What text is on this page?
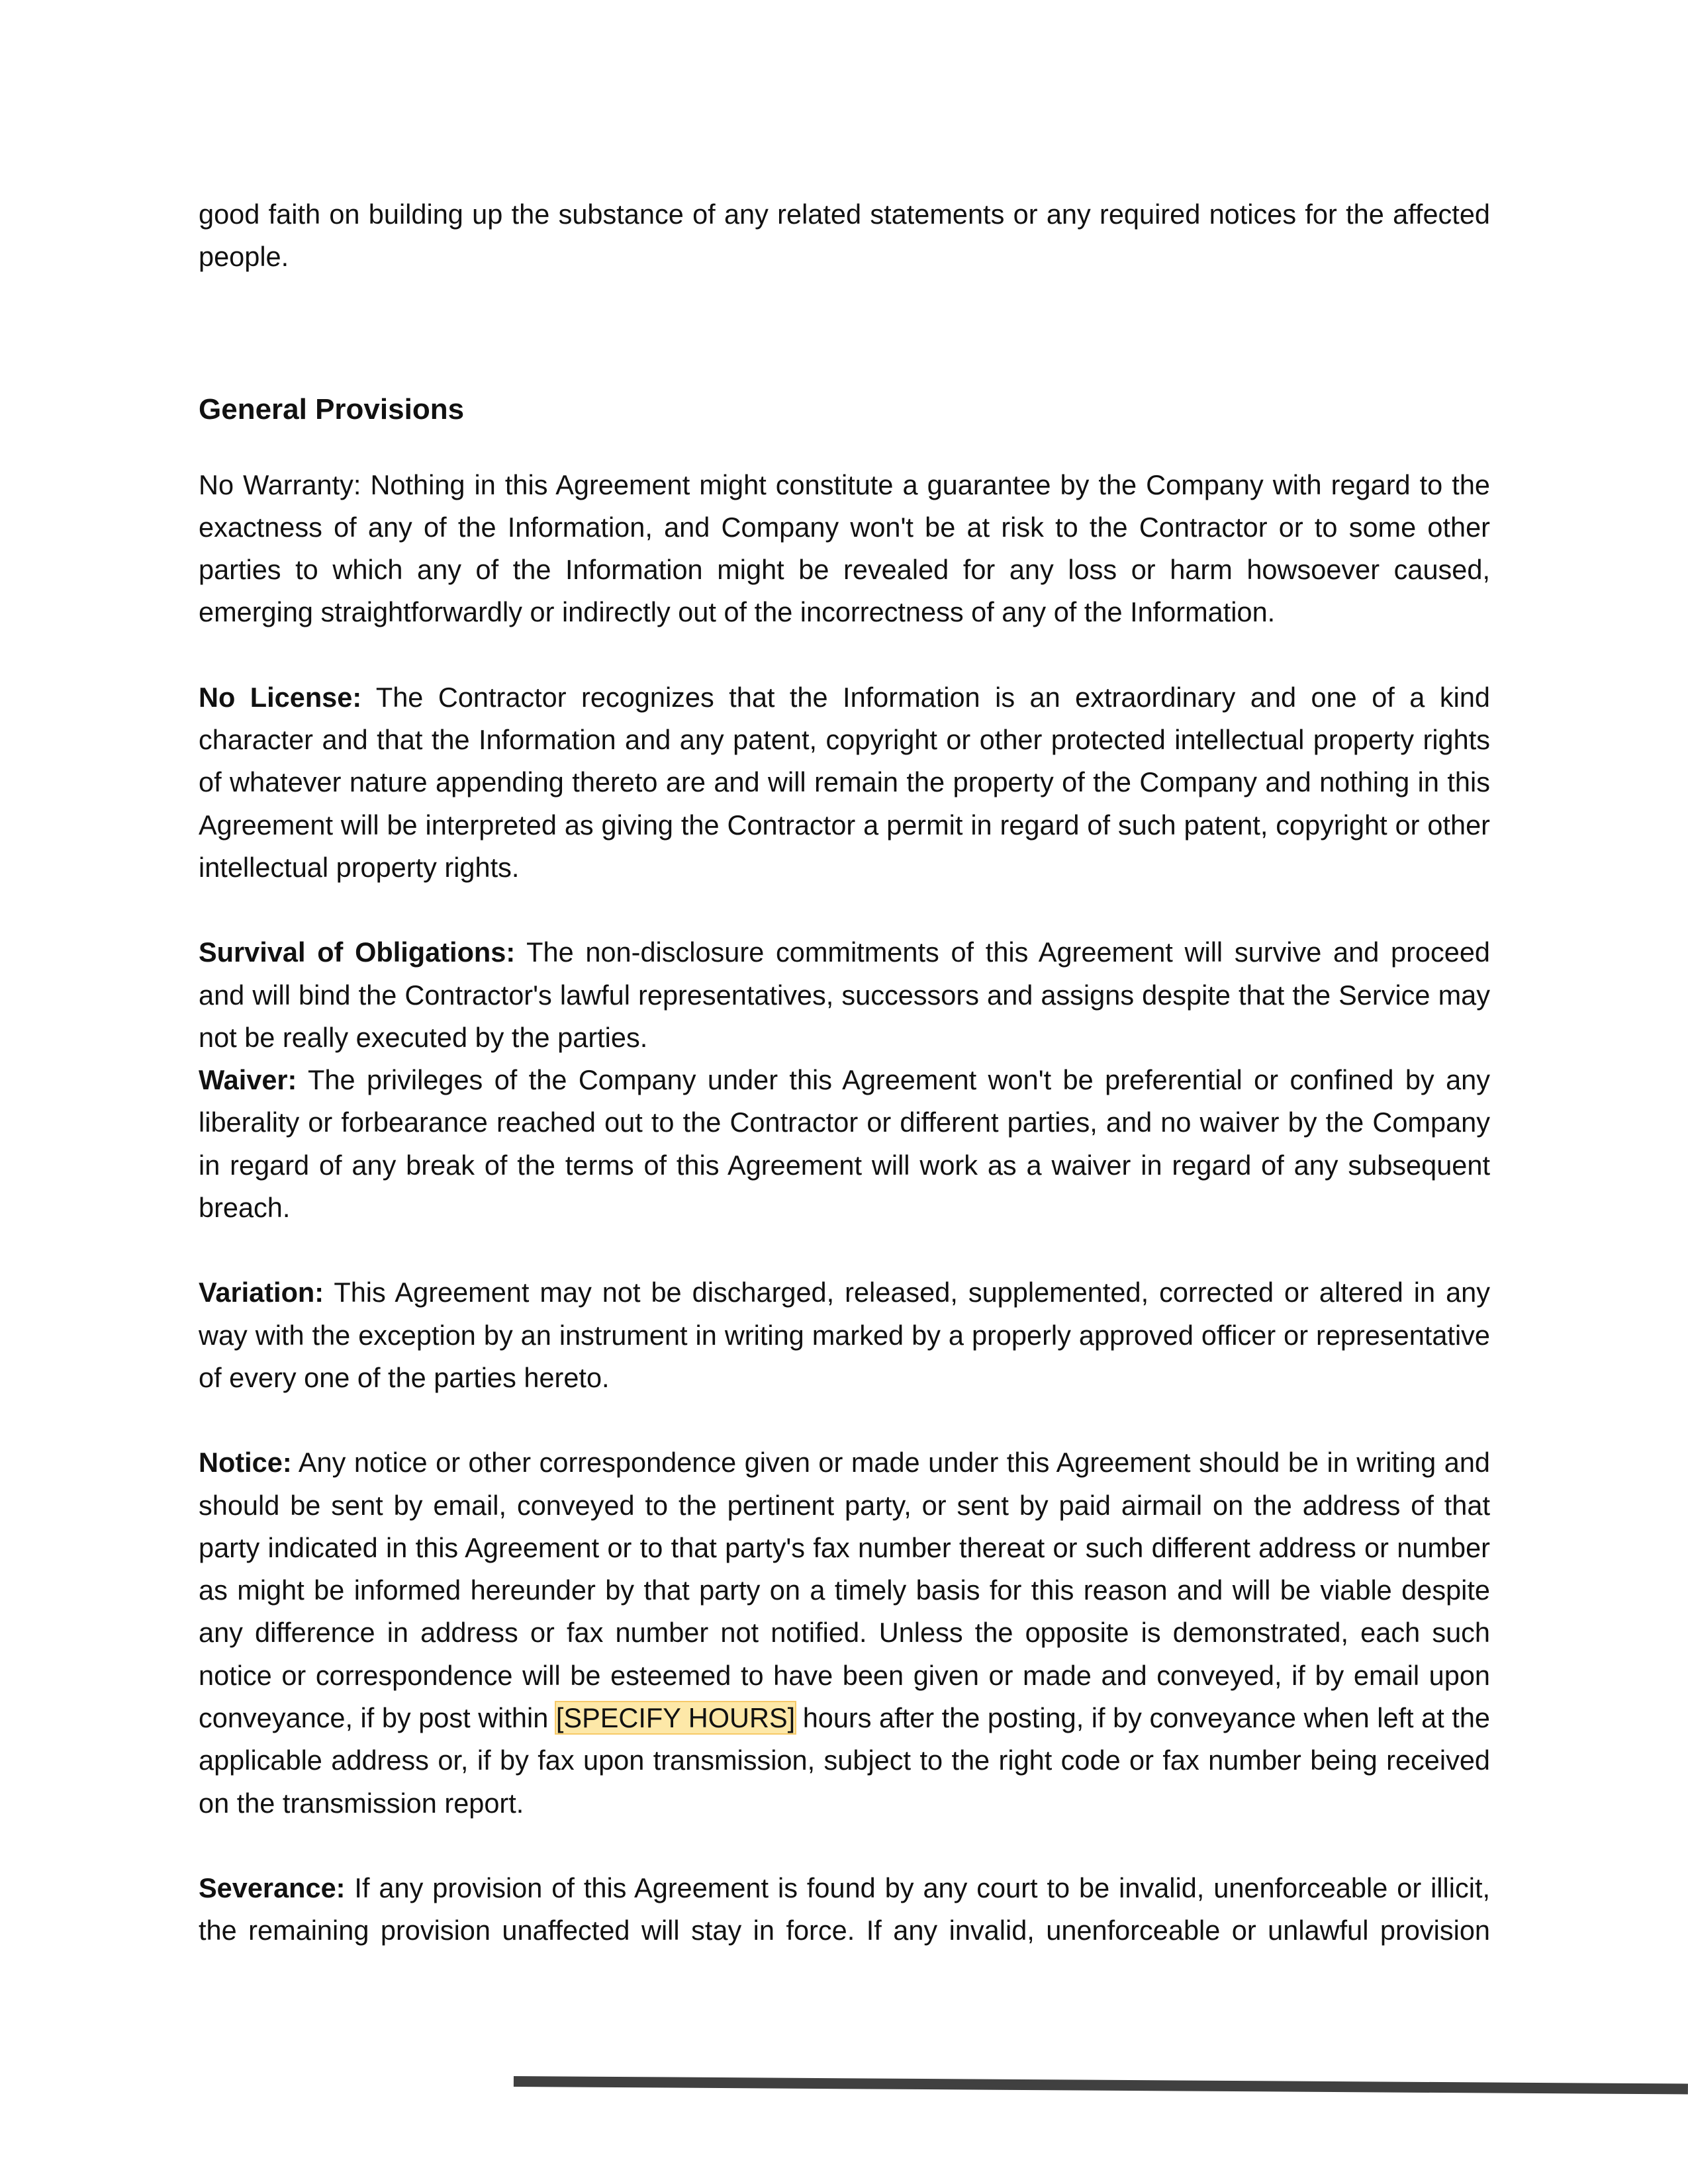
good faith on building up the substance of any related statements or any required notices for the affected people.

General Provisions

No Warranty: Nothing in this Agreement might constitute a guarantee by the Company with regard to the exactness of any of the Information, and Company won't be at risk to the Contractor or to some other parties to which any of the Information might be revealed for any loss or harm howsoever caused, emerging straightforwardly or indirectly out of the incorrectness of any of the Information.

No License: The Contractor recognizes that the Information is an extraordinary and one of a kind character and that the Information and any patent, copyright or other protected intellectual property rights of whatever nature appending thereto are and will remain the property of the Company and nothing in this Agreement will be interpreted as giving the Contractor a permit in regard of such patent, copyright or other intellectual property rights.

Survival of Obligations: The non-disclosure commitments of this Agreement will survive and proceed and will bind the Contractor's lawful representatives, successors and assigns despite that the Service may not be really executed by the parties.

Waiver: The privileges of the Company under this Agreement won't be preferential or confined by any liberality or forbearance reached out to the Contractor or different parties, and no waiver by the Company in regard of any break of the terms of this Agreement will work as a waiver in regard of any subsequent breach.

Variation: This Agreement may not be discharged, released, supplemented, corrected or altered in any way with the exception by an instrument in writing marked by a properly approved officer or representative of every one of the parties hereto.

Notice: Any notice or other correspondence given or made under this Agreement should be in writing and should be sent by email, conveyed to the pertinent party, or sent by paid airmail on the address of that party indicated in this Agreement or to that party's fax number thereat or such different address or number as might be informed hereunder by that party on a timely basis for this reason and will be viable despite any difference in address or fax number not notified. Unless the opposite is demonstrated, each such notice or correspondence will be esteemed to have been given or made and conveyed, if by email upon conveyance, if by post within [SPECIFY HOURS] hours after the posting, if by conveyance when left at the applicable address or, if by fax upon transmission, subject to the right code or fax number being received on the transmission report.

Severance: If any provision of this Agreement is found by any court to be invalid, unenforceable or illicit, the remaining provision unaffected will stay in force. If any invalid, unenforceable or unlawful provision
